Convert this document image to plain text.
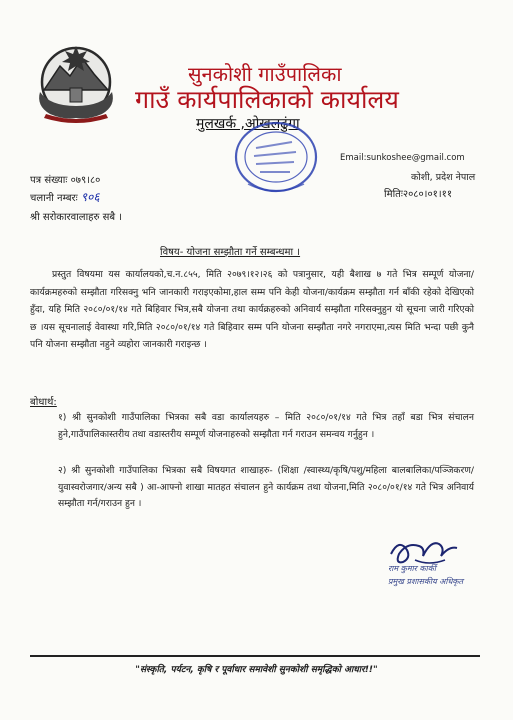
सुनकोशी गाउँपालिका
गाउँ कार्यपालिकाको कार्यालय
मुलखर्क ,ओखलढुंगा
Email:sunkoshee@gmail.com
पत्र संख्याः ०७९।८०
चलानी नम्बरः ९०६
कोशी, प्रदेश नेपाल
मितिः२०८०।०१।११
श्री सरोकारवालाहरु सबै ।
विषय- योजना सम्झौता गर्ने सम्बन्धमा ।

प्रस्तुत विषयमा यस कार्यालयको,च.न.८५५, मिति २०७९।१२।२६ को पत्रानुसार, यही बैशाख ७ गते भित्र सम्पूर्ण योजना/कार्यक्रमहरुको सम्झौता गरिसक्नु भनि जानकारी गराइएकोमा,हाल सम्म पनि केही योजना/कार्यक्रम सम्झौता गर्न बाँकी रहेको देखिएको हुँदा, यहि मिति २०८०/०१/१४ गते बिहिवार भित्र,सबै योजना तथा कार्यक्रहरुको अनिवार्य सम्झौता गरिसक्नुहुन यो सूचना जारी गरिएको छ ।यस सूचनालाई वेवास्था गरि,मिति २०८०/०१/१४ गते बिहिवार सम्म पनि योजना सम्झौता नगरे नगराएमा,त्यस मिति भन्दा पछी कुनै पनि योजना सम्झौता नहुने व्यहोरा जानकारी गराइन्छ ।

बोधार्थ:
१) श्री सुनकोशी गाउँपालिका भित्रका सबै वडा कार्यालयहरु – मिति २०८०/०१/१४ गते भित्र तहाँ बडा भित्र संचालन हुने,गाउँपालिकास्तरीय तथा वडास्तरीय सम्पूर्ण योजनाहरुको सम्झौता गर्न गराउन समन्वय गर्नुहुन ।
२) श्री सुनकोशी गाउँपालिका भित्रका सबै विषयगत शाखाहरु- (शिक्षा /स्वास्थ्य/कृषि/पशु/महिला बालबालिका/पञ्जिकरण/युवास्वरोजगार/अन्य सबै ) आ-आफ्नो शाखा मातहत संचालन हुने कार्यक्रम तथा योजना,मिति २०८०/०१/१४ गते भित्र अनिवार्य सम्झौता गर्न/गराउन हुन ।
राम कुमार कार्की
प्रमुख प्रशासकीय अधिकृत
"संस्कृति, पर्यटन, कृषि र पूर्वाधार समावेशी सुनकोशी समृद्धिको आधार!!"
